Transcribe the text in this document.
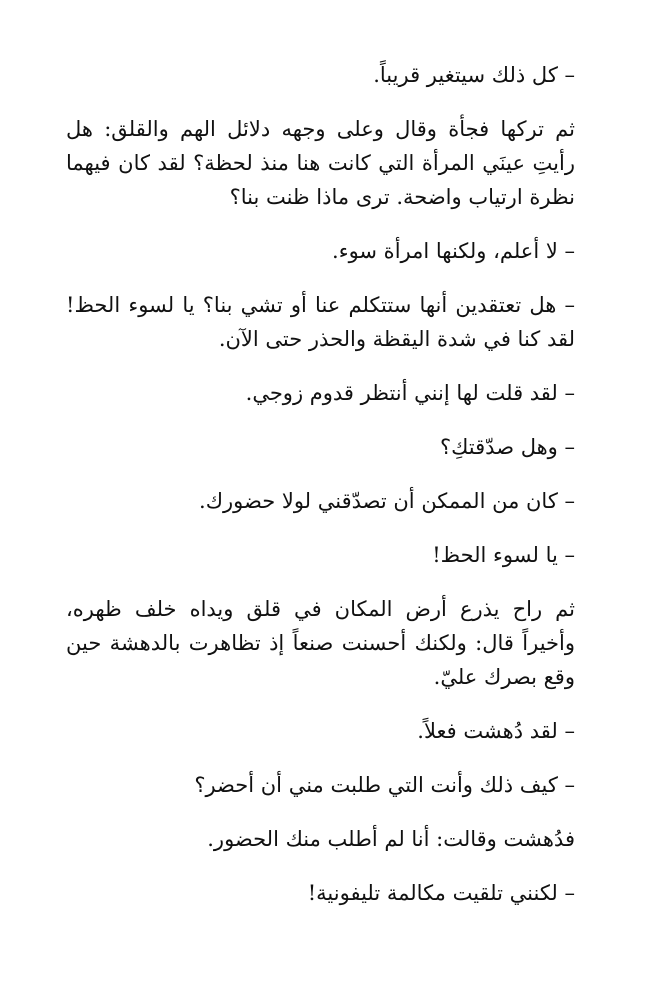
– كل ذلك سيتغير قريباً.

ثم تركها فجأة وقال وعلى وجهه دلائل الهم والقلق: هل رأيتِ عينَي المرأة التي كانت هنا منذ لحظة؟ لقد كان فيهما نظرة ارتياب واضحة. ترى ماذا ظنت بنا؟

– لا أعلم، ولكنها امرأة سوء.

– هل تعتقدين أنها ستتكلم عنا أو تشي بنا؟ يا لسوء الحظ! لقد كنا في شدة اليقظة والحذر حتى الآن.

– لقد قلت لها إنني أنتظر قدوم زوجي.

– وهل صدّقتكِ؟

– كان من الممكن أن تصدّقني لولا حضورك.

– يا لسوء الحظ!

ثم راح يذرع أرض المكان في قلق ويداه خلف ظهره، وأخيراً قال: ولكنك أحسنت صنعاً إذ تظاهرت بالدهشة حين وقع بصرك عليّ.

– لقد دُهشت فعلاً.

– كيف ذلك وأنت التي طلبت مني أن أحضر؟

فدُهشت وقالت: أنا لم أطلب منك الحضور.

– لكنني تلقيت مكالمة تليفونية!
